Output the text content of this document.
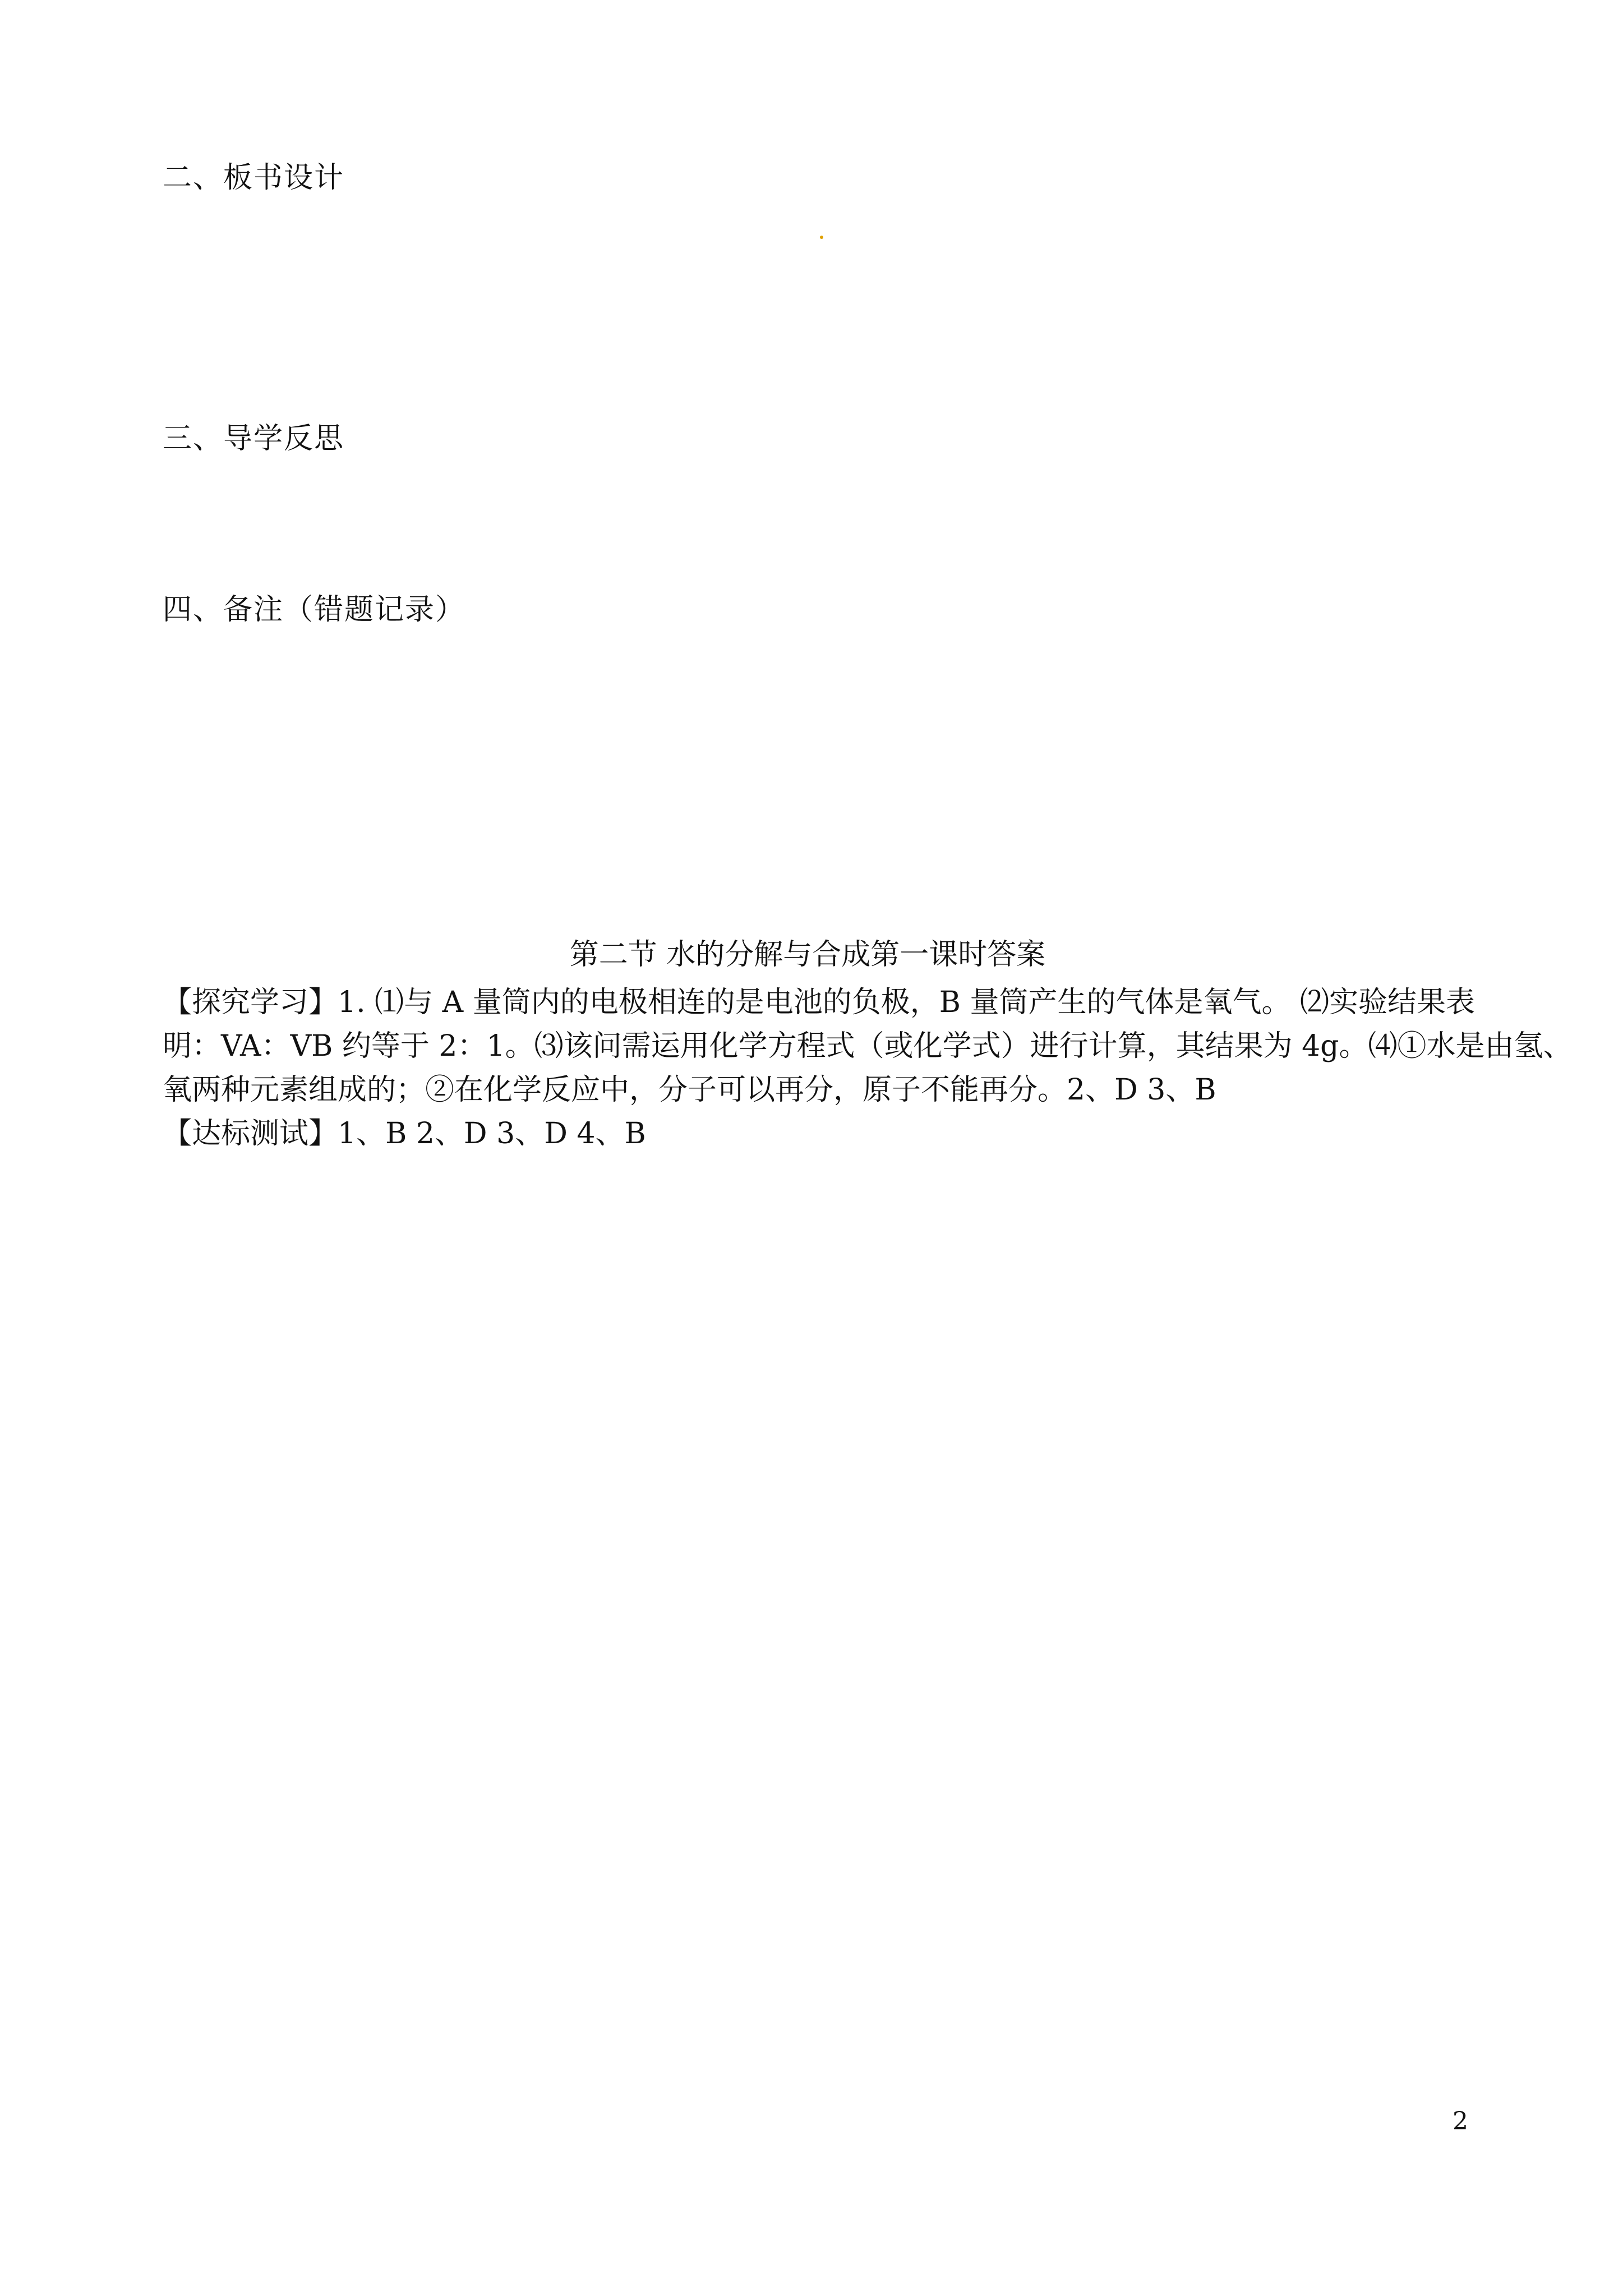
二、板书设计
三、导学反思
四、备注（错题记录）
第二节 水的分解与合成第一课时答案

【探究学习】1. ⑴与 A 量筒内的电极相连的是电池的负极，B 量筒产生的气体是氧气。 ⑵实验结果表

明：VA：VB 约等于 2：1。⑶该问需运用化学方程式（或化学式）进行计算，其结果为 4g。⑷①水是由氢、

氧两种元素组成的；②在化学反应中，分子可以再分，原子不能再分。2、D 3、B

【达标测试】1、B 2、D 3、D 4、B

2
